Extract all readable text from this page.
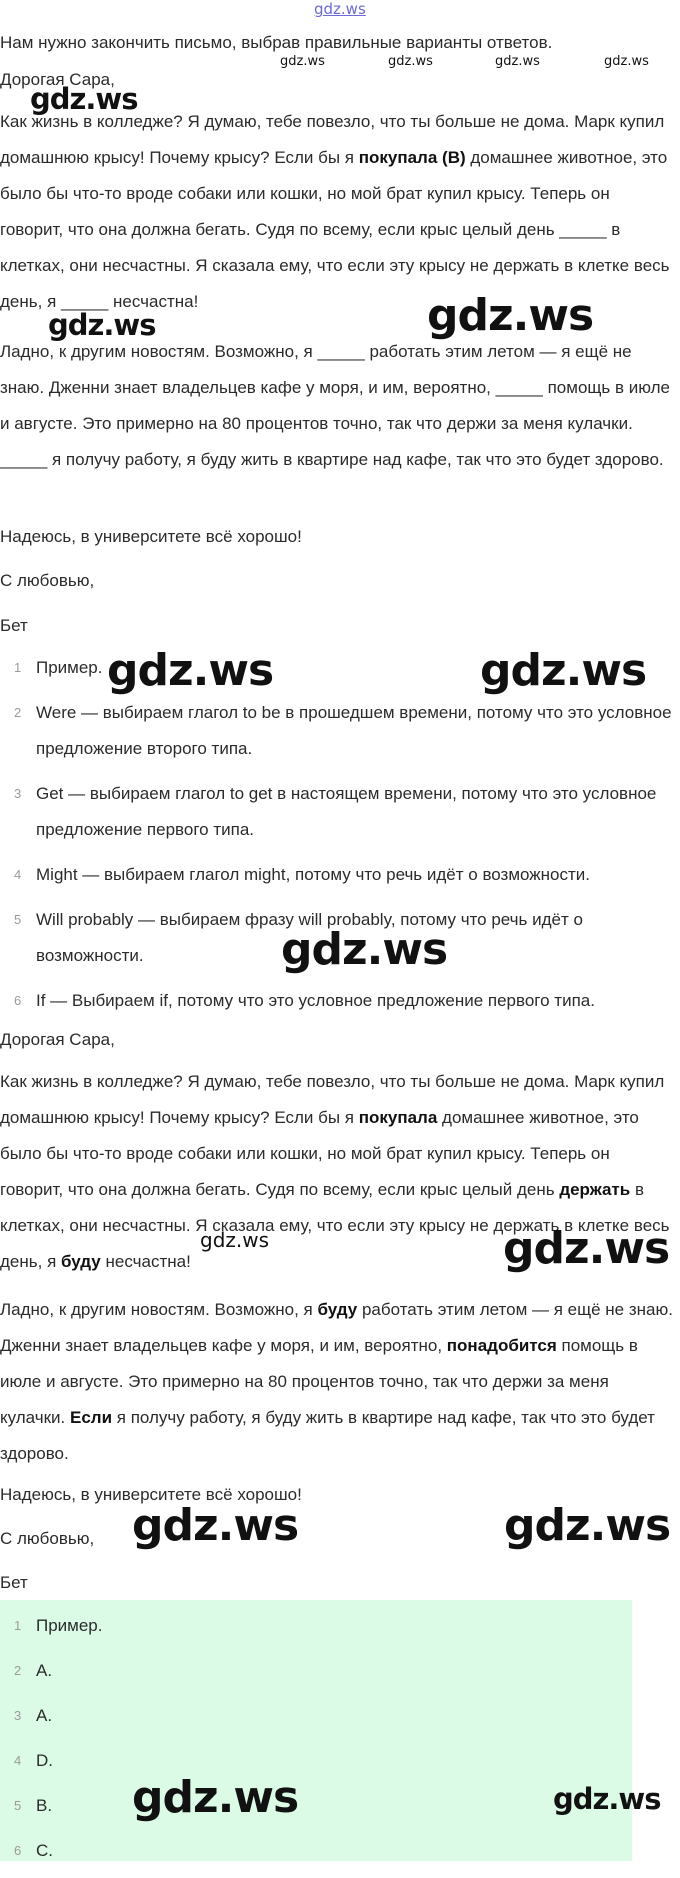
gdz.ws
Нам нужно закончить письмо, выбрав правильные варианты ответов.
Дорогая Сара,
Как жизнь в колледже? Я думаю, тебе повезло, что ты больше не дома. Марк купил домашнюю крысу! Почему крысу? Если бы я покупала (B) домашнее животное, это было бы что-то вроде собаки или кошки, но мой брат купил крысу. Теперь он говорит, что она должна бегать. Судя по всему, если крыс целый день _____ в клетках, они несчастны. Я сказала ему, что если эту крысу не держать в клетке весь день, я _____ несчастна!
Ладно, к другим новостям. Возможно, я _____ работать этим летом — я ещё не знаю. Дженни знает владельцев кафе у моря, и им, вероятно, _____ помощь в июле и августе. Это примерно на 80 процентов точно, так что держи за меня кулачки. _____ я получу работу, я буду жить в квартире над кафе, так что это будет здорово.
Надеюсь, в университете всё хорошо!
С любовью,
Бет
1 Пример.
2 Were — выбираем глагол to be в прошедшем времени, потому что это условное предложение второго типа.
3 Get — выбираем глагол to get в настоящем времени, потому что это условное предложение первого типа.
4 Might — выбираем глагол might, потому что речь идёт о возможности.
5 Will probably — выбираем фразу will probably, потому что речь идёт о возможности.
6 If — Выбираем if, потому что это условное предложение первого типа.
Дорогая Сара,
Как жизнь в колледже? Я думаю, тебе повезло, что ты больше не дома. Марк купил домашнюю крысу! Почему крысу? Если бы я покупала домашнее животное, это было бы что-то вроде собаки или кошки, но мой брат купил крысу. Теперь он говорит, что она должна бегать. Судя по всему, если крыс целый день держать в клетках, они несчастны. Я сказала ему, что если эту крысу не держать в клетке весь день, я буду несчастна!
Ладно, к другим новостям. Возможно, я буду работать этим летом — я ещё не знаю. Дженни знает владельцев кафе у моря, и им, вероятно, понадобится помощь в июле и августе. Это примерно на 80 процентов точно, так что держи за меня кулачки. Если я получу работу, я буду жить в квартире над кафе, так что это будет здорово.
Надеюсь, в университете всё хорошо!
С любовью,
Бет
1 Пример.
2 A.
3 A.
4 D.
5 B.
6 C.
gdz.ws	gdz.ws	gdz.ws	gdz.ws
gdz.ws
gdz.ws	gdz.ws
gdz.ws	gdz.ws
gdz.ws
gdz.ws	gdz.ws
gdz.ws	gdz.ws
gdz.ws	gdz.ws
